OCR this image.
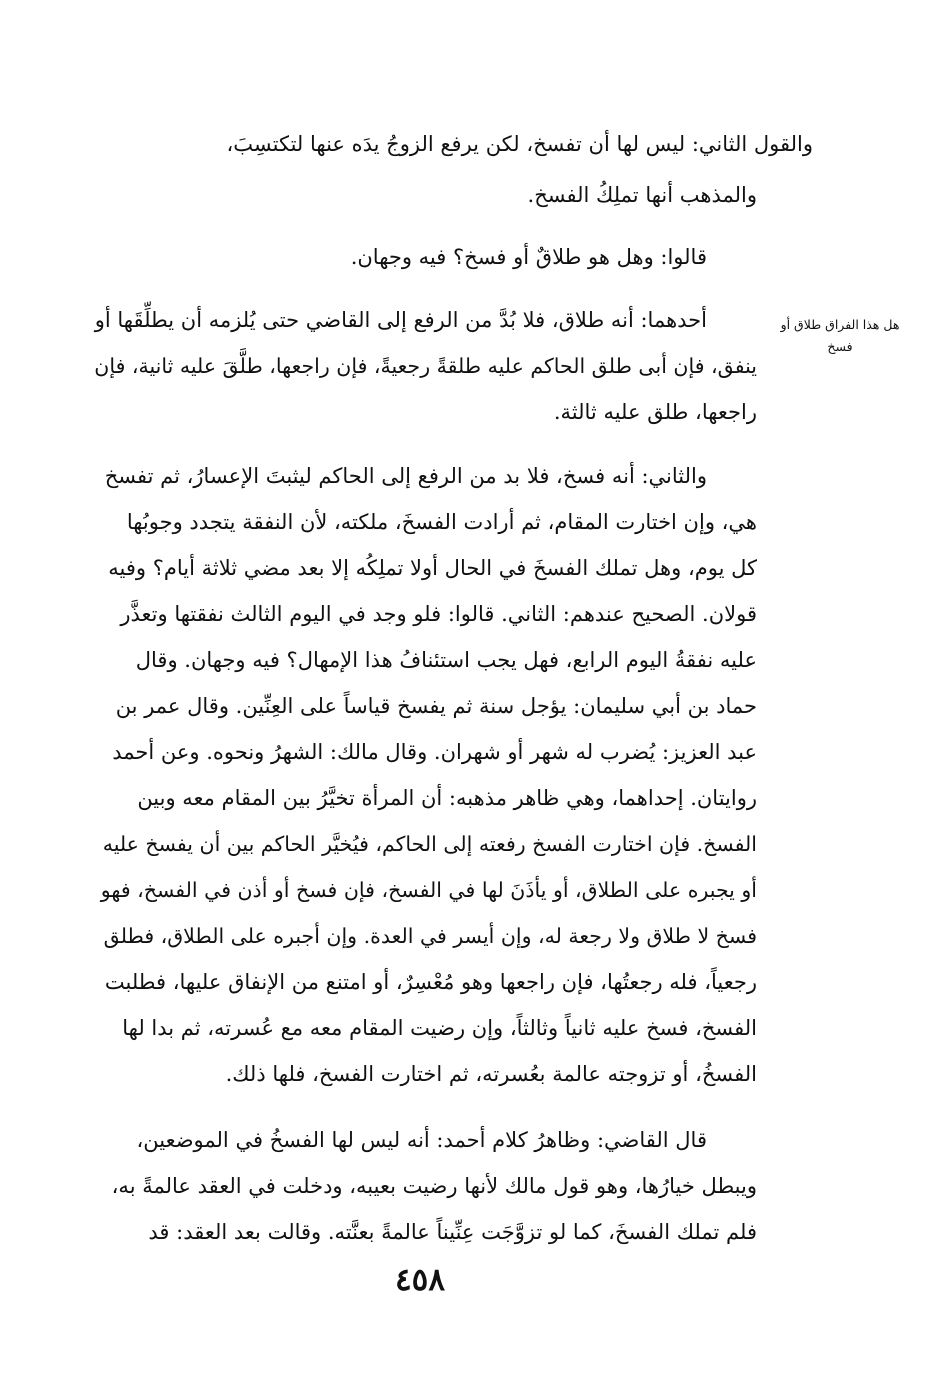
هل هذا الفراق طلاق أو فسخ
والقول الثاني: ليس لها أن تفسخ، لكن يرفع الزوجُ يدَه عنها لتكتسِبَ،
والمذهب أنها تملِكُ الفسخ.
قالوا: وهل هو طلاقٌ أو فسخ؟ فيه وجهان.
أحدهما: أنه طلاق، فلا بُدَّ من الرفع إلى القاضي حتى يُلزمه أن يطلِّقَها أو
ينفق، فإن أبى طلق الحاكم عليه طلقةً رجعيةً، فإن راجعها، طلَّقَ عليه ثانية، فإن
راجعها، طلق عليه ثالثة.
والثاني: أنه فسخ، فلا بد من الرفع إلى الحاكم ليثبتَ الإعسارُ، ثم تفسخ
هي، وإن اختارت المقام، ثم أرادت الفسخَ، ملكته، لأن النفقة يتجدد وجوبُها
كل يوم، وهل تملك الفسخَ في الحال أولا تملِكُه إلا بعد مضي ثلاثة أيام؟ وفيه
قولان. الصحيح عندهم: الثاني. قالوا: فلو وجد في اليوم الثالث نفقتها وتعذَّر
عليه نفقةُ اليوم الرابع، فهل يجب استئنافُ هذا الإمهال؟ فيه وجهان. وقال
حماد بن أبي سليمان: يؤجل سنة ثم يفسخ قياساً على العِنِّين. وقال عمر بن
عبد العزيز: يُضرب له شهر أو شهران. وقال مالك: الشهرُ ونحوه. وعن أحمد
روايتان. إحداهما، وهي ظاهر مذهبه: أن المرأة تخيَّرُ بين المقام معه وبين
الفسخ. فإن اختارت الفسخ رفعته إلى الحاكم، فيُخيَّر الحاكم بين أن يفسخ عليه
أو يجبره على الطلاق، أو يأذَنَ لها في الفسخ، فإن فسخ أو أذن في الفسخ، فهو
فسخ لا طلاق ولا رجعة له، وإن أيسر في العدة. وإن أجبره على الطلاق، فطلق
رجعياً، فله رجعتُها، فإن راجعها وهو مُعْسِرٌ، أو امتنع من الإنفاق عليها، فطلبت
الفسخ، فسخ عليه ثانياً وثالثاً، وإن رضيت المقام معه مع عُسرته، ثم بدا لها
الفسخُ، أو تزوجته عالمة بعُسرته، ثم اختارت الفسخ، فلها ذلك.
قال القاضي: وظاهرُ كلام أحمد: أنه ليس لها الفسخُ في الموضعين،
ويبطل خيارُها، وهو قول مالك لأنها رضيت بعيبه، ودخلت في العقد عالمةً به،
فلم تملك الفسخَ، كما لو تزوَّجَت عِنِّيناً عالمةً بعنَّته. وقالت بعد العقد: قد
٤٥٨
